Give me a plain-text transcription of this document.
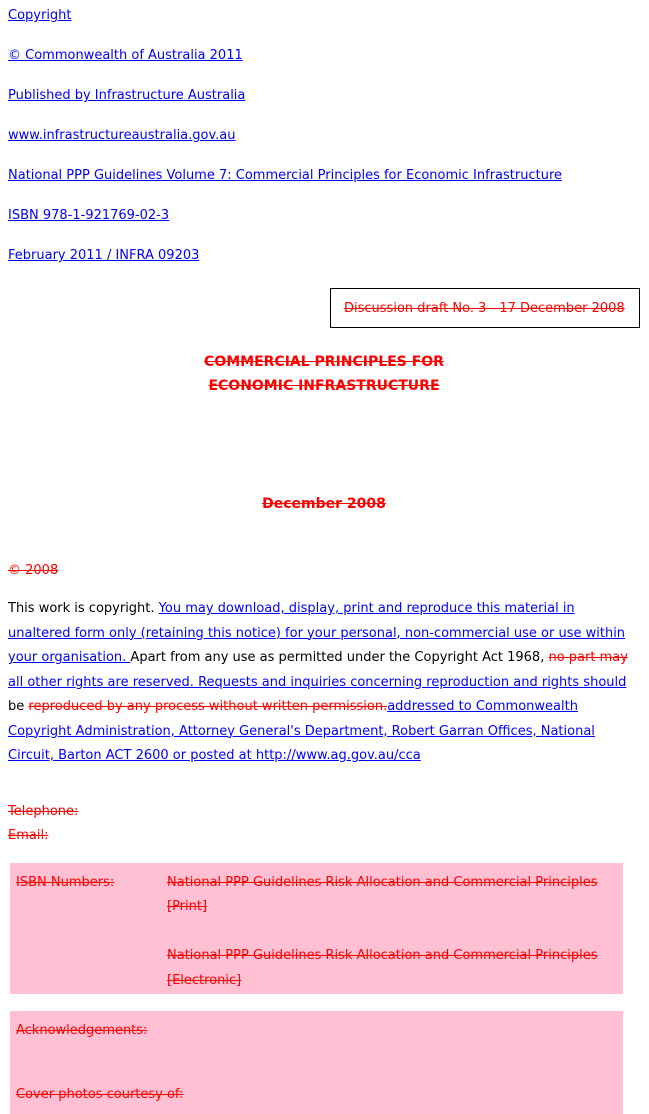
Copyright

© Commonwealth of Australia 2011

Published by Infrastructure Australia

www.infrastructureaustralia.gov.au

National PPP Guidelines Volume 7: Commercial Principles for Economic Infrastructure

ISBN 978-1-921769-02-3

February 2011 / INFRA 09203

Discussion draft No. 3 - 17 December 2008
COMMERCIAL PRINCIPLES FOR
ECONOMIC INFRASTRUCTURE
December 2008
© 2008

This work is copyright. You may download, display, print and reproduce this material in unaltered form only (retaining this notice) for your personal, non-commercial use or use within your organisation. Apart from any use as permitted under the Copyright Act 1968, no part may all other rights are reserved. Requests and inquiries concerning reproduction and rights should be reproduced by any process without written permission.addressed to Commonwealth Copyright Administration, Attorney General's Department, Robert Garran Offices, National Circuit, Barton ACT 2600 or posted at http://www.ag.gov.au/cca

Telephone:
Email:
ISBN Numbers:	National PPP Guidelines Risk Allocation and Commercial Principles
[Print]
National PPP Guidelines Risk Allocation and Commercial Principles
[Electronic]
Acknowledgements:
Cover photos courtesy of:
